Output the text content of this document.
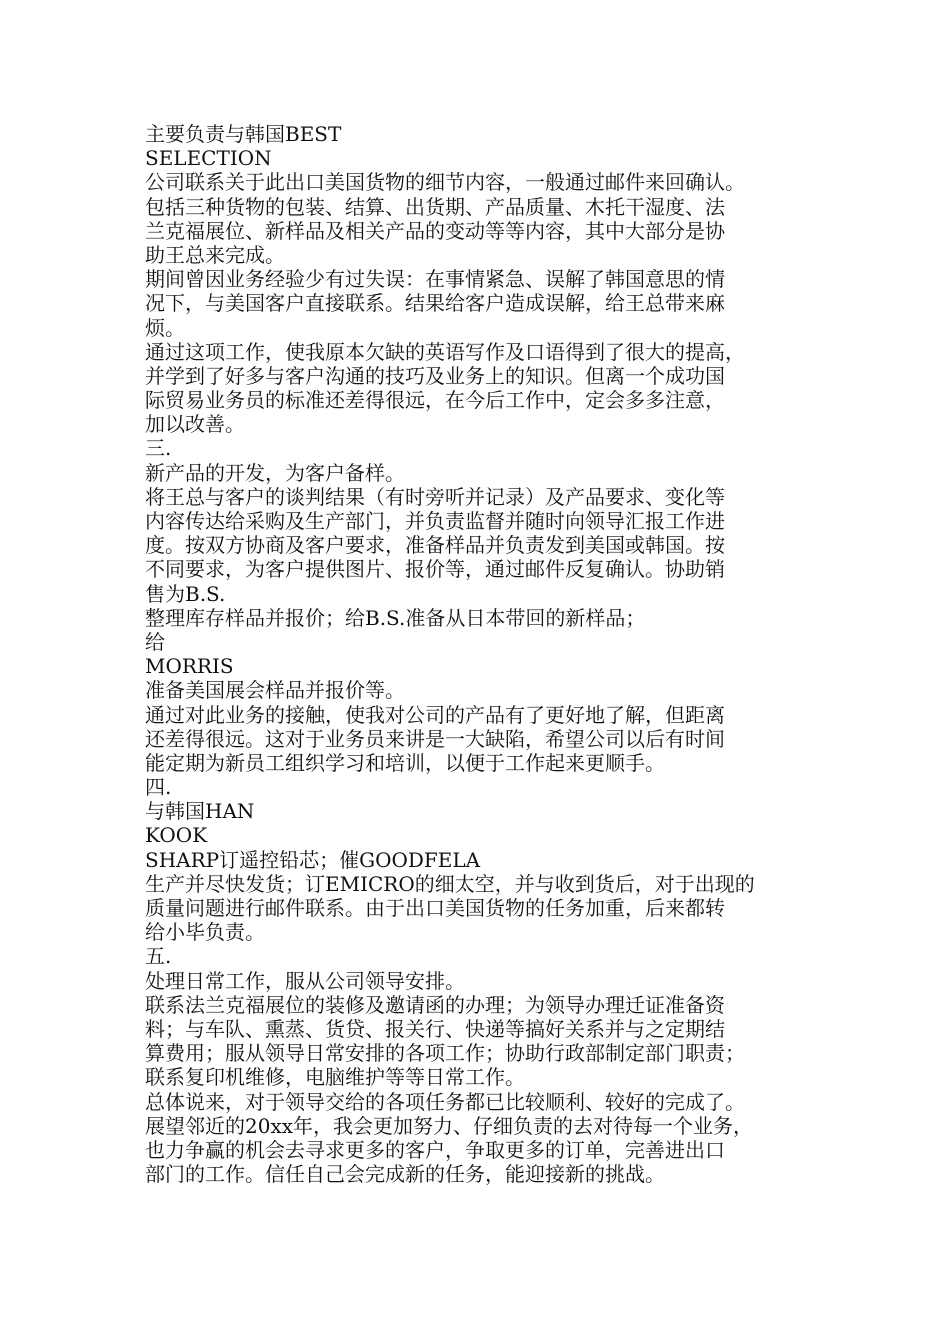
主要负责与韩国BEST
SELECTION
公司联系关于此出口美国货物的细节内容，一般通过邮件来回确认。
包括三种货物的包装、结算、出货期、产品质量、木托干湿度、法
兰克福展位、新样品及相关产品的变动等等内容，其中大部分是协
助王总来完成。
期间曾因业务经验少有过失误：在事情紧急、误解了韩国意思的情
况下，与美国客户直接联系。结果给客户造成误解，给王总带来麻
烦。
通过这项工作，使我原本欠缺的英语写作及口语得到了很大的提高，
并学到了好多与客户沟通的技巧及业务上的知识。但离一个成功国
际贸易业务员的标准还差得很远，在今后工作中，定会多多注意，
加以改善。
三.
新产品的开发，为客户备样。
将王总与客户的谈判结果（有时旁听并记录）及产品要求、变化等
内容传达给采购及生产部门，并负责监督并随时向领导汇报工作进
度。按双方协商及客户要求，准备样品并负责发到美国或韩国。按
不同要求，为客户提供图片、报价等，通过邮件反复确认。协助销
售为B.S.
整理库存样品并报价；给B.S.准备从日本带回的新样品；
给
MORRIS
准备美国展会样品并报价等。
通过对此业务的接触，使我对公司的产品有了更好地了解，但距离
还差得很远。这对于业务员来讲是一大缺陷，希望公司以后有时间
能定期为新员工组织学习和培训，以便于工作起来更顺手。
四.
与韩国HAN
KOOK
SHARP订遥控铅芯；催GOODFELA
生产并尽快发货；订EMICRO的细太空，并与收到货后，对于出现的
质量问题进行邮件联系。由于出口美国货物的任务加重，后来都转
给小毕负责。
五.
处理日常工作，服从公司领导安排。
联系法兰克福展位的装修及邀请函的办理；为领导办理迁证准备资
料；与车队、熏蒸、货贷、报关行、快递等搞好关系并与之定期结
算费用；服从领导日常安排的各项工作；协助行政部制定部门职责；
联系复印机维修，电脑维护等等日常工作。
总体说来，对于领导交给的各项任务都已比较顺利、较好的完成了。
展望邻近的20xx年，我会更加努力、仔细负责的去对待每一个业务，
也力争赢的机会去寻求更多的客户，争取更多的订单，完善进出口
部门的工作。信任自己会完成新的任务，能迎接新的挑战。
